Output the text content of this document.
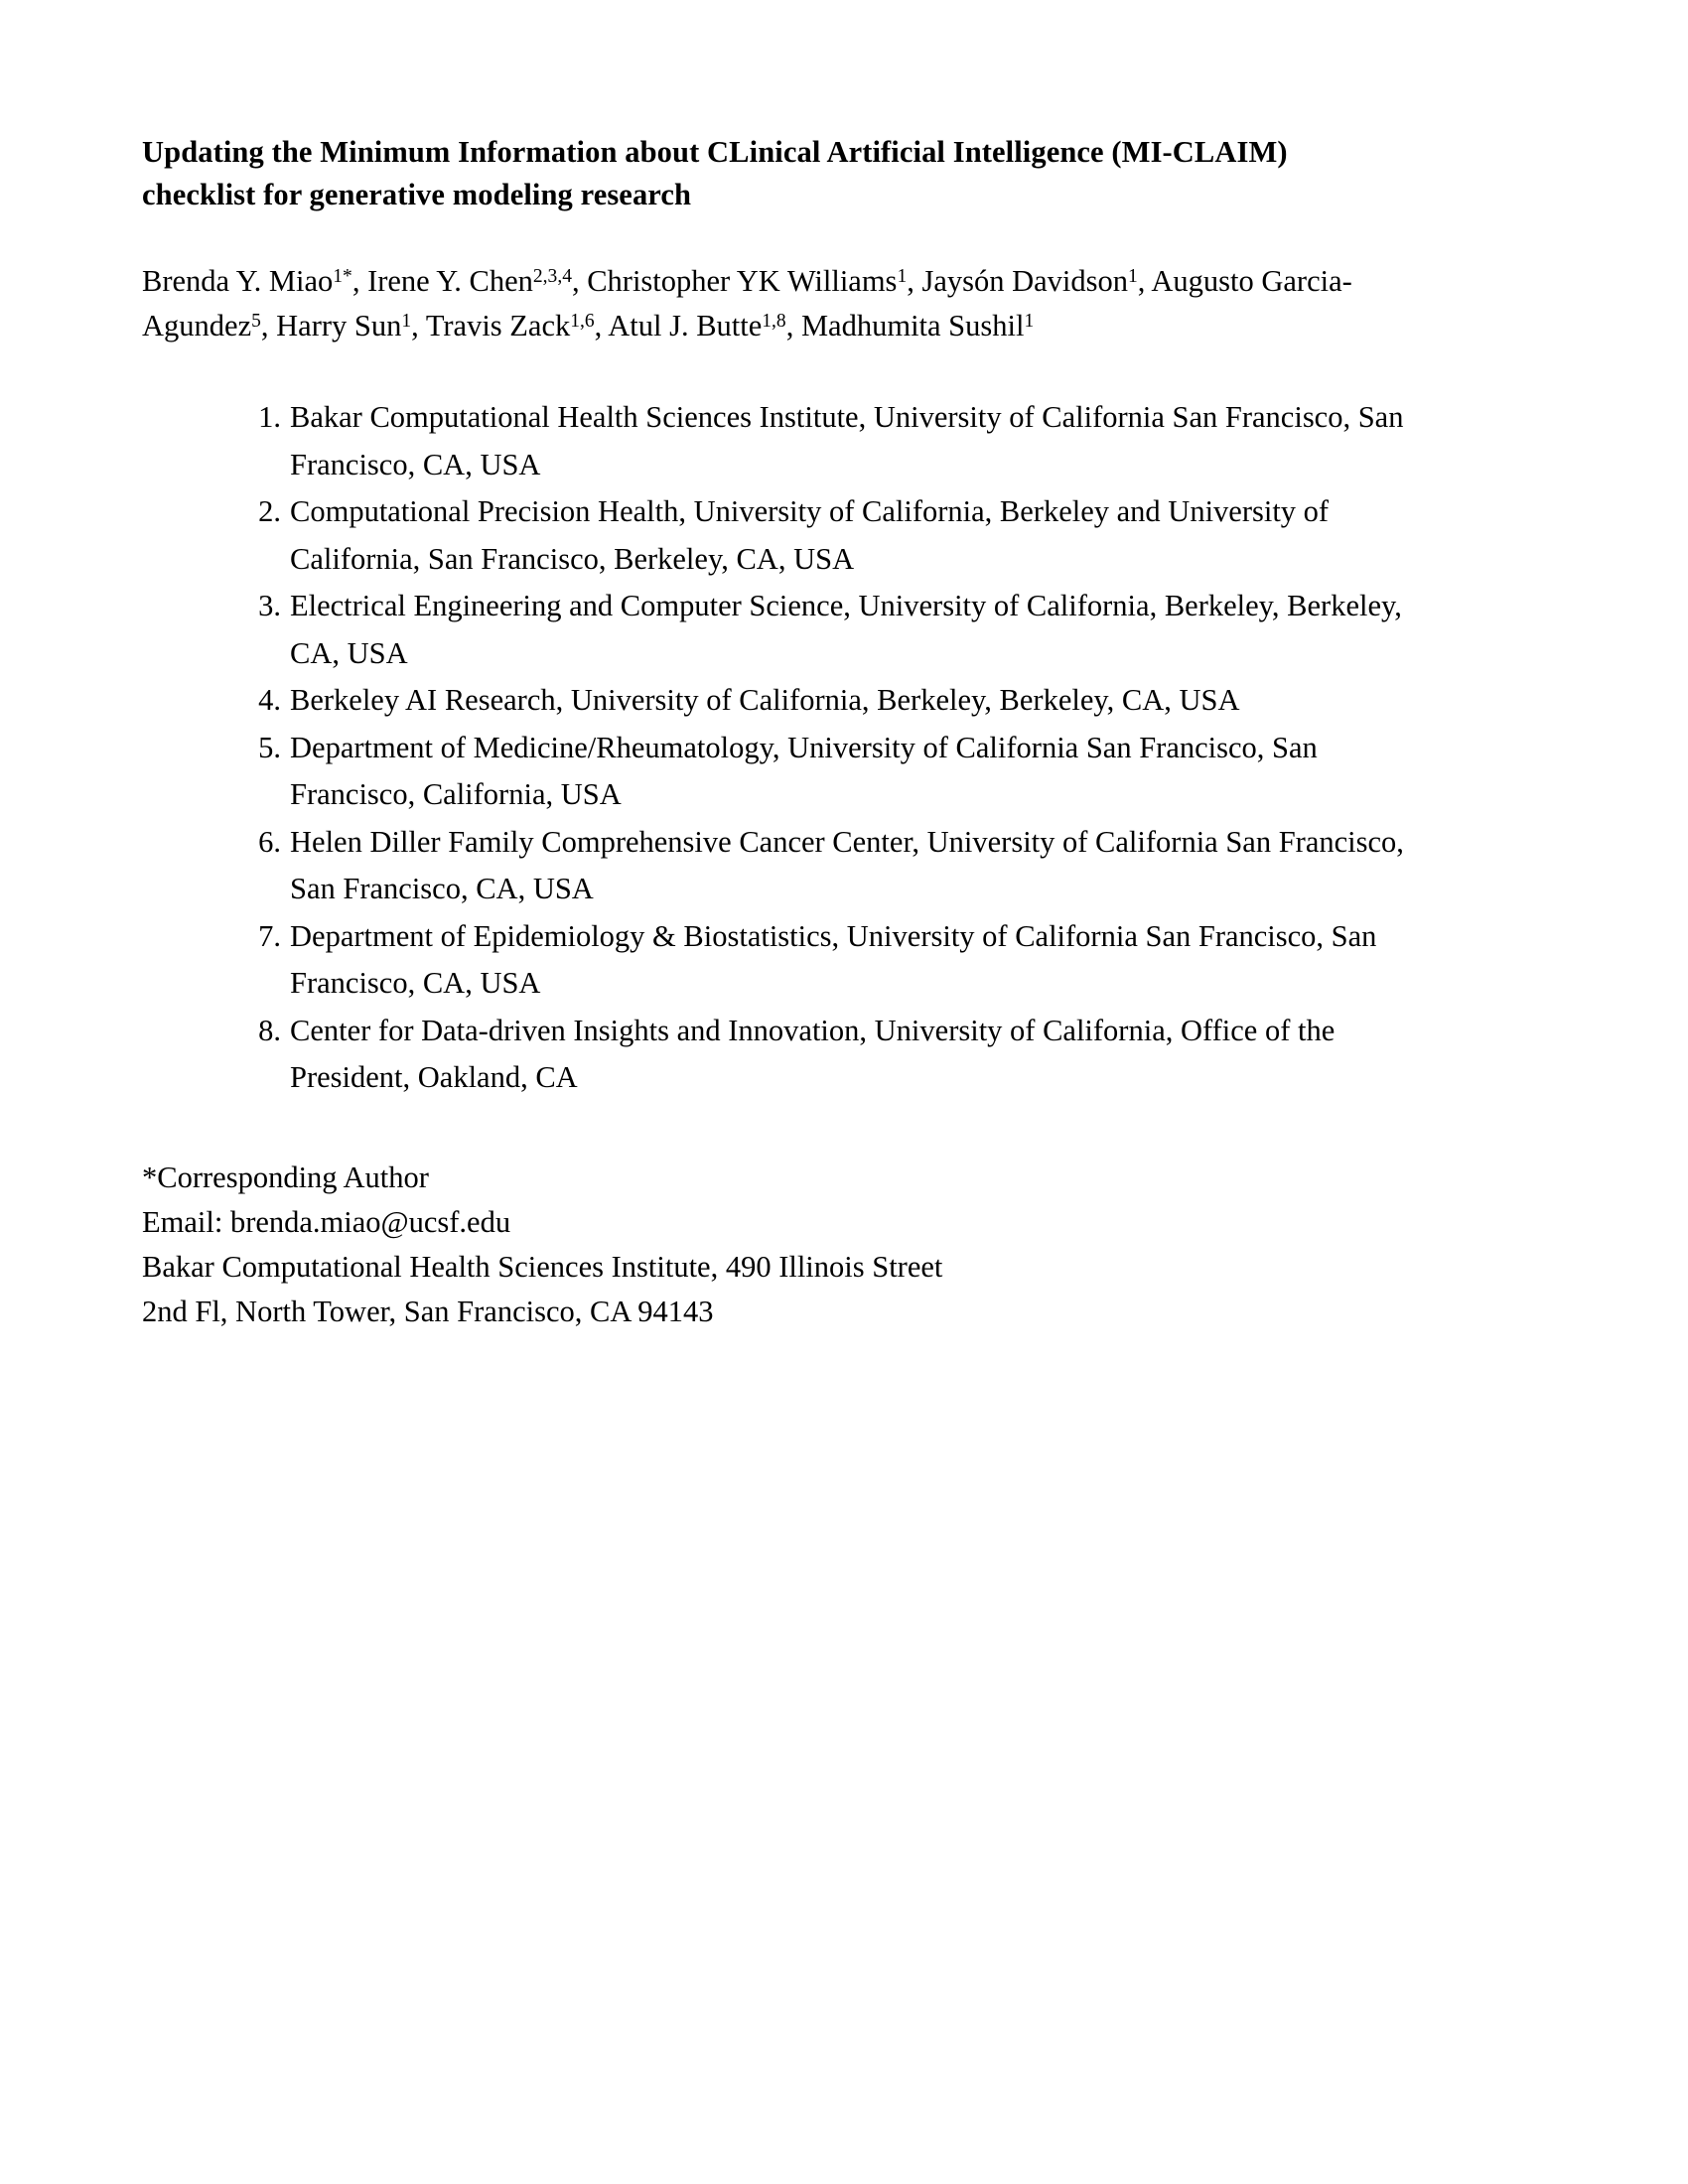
Updating the Minimum Information about CLinical Artificial Intelligence (MI-CLAIM) checklist for generative modeling research

Brenda Y. Miao$^{1*}$, Irene Y. Chen$^{2,3,4}$, Christopher YK Williams$^1$, Jaysón Davidson$^1$, Augusto Garcia-Agundez$^5$, Harry Sun$^1$, Travis Zack$^{1,6}$, Atul J. Butte$^{1,8}$, Madhumita Sushil$^1$

1. Bakar Computational Health Sciences Institute, University of California San Francisco, San Francisco, CA, USA
2. Computational Precision Health, University of California, Berkeley and University of California, San Francisco, Berkeley, CA, USA
3. Electrical Engineering and Computer Science, University of California, Berkeley, Berkeley, CA, USA
4. Berkeley AI Research, University of California, Berkeley, Berkeley, CA, USA
5. Department of Medicine/Rheumatology, University of California San Francisco, San Francisco, California, USA
6. Helen Diller Family Comprehensive Cancer Center, University of California San Francisco, San Francisco, CA, USA
7. Department of Epidemiology & Biostatistics, University of California San Francisco, San Francisco, CA, USA
8. Center for Data-driven Insights and Innovation, University of California, Office of the President, Oakland, CA
*Corresponding Author
Email: brenda.miao@ucsf.edu
Bakar Computational Health Sciences Institute, 490 Illinois Street
2nd Fl, North Tower, San Francisco, CA 94143
